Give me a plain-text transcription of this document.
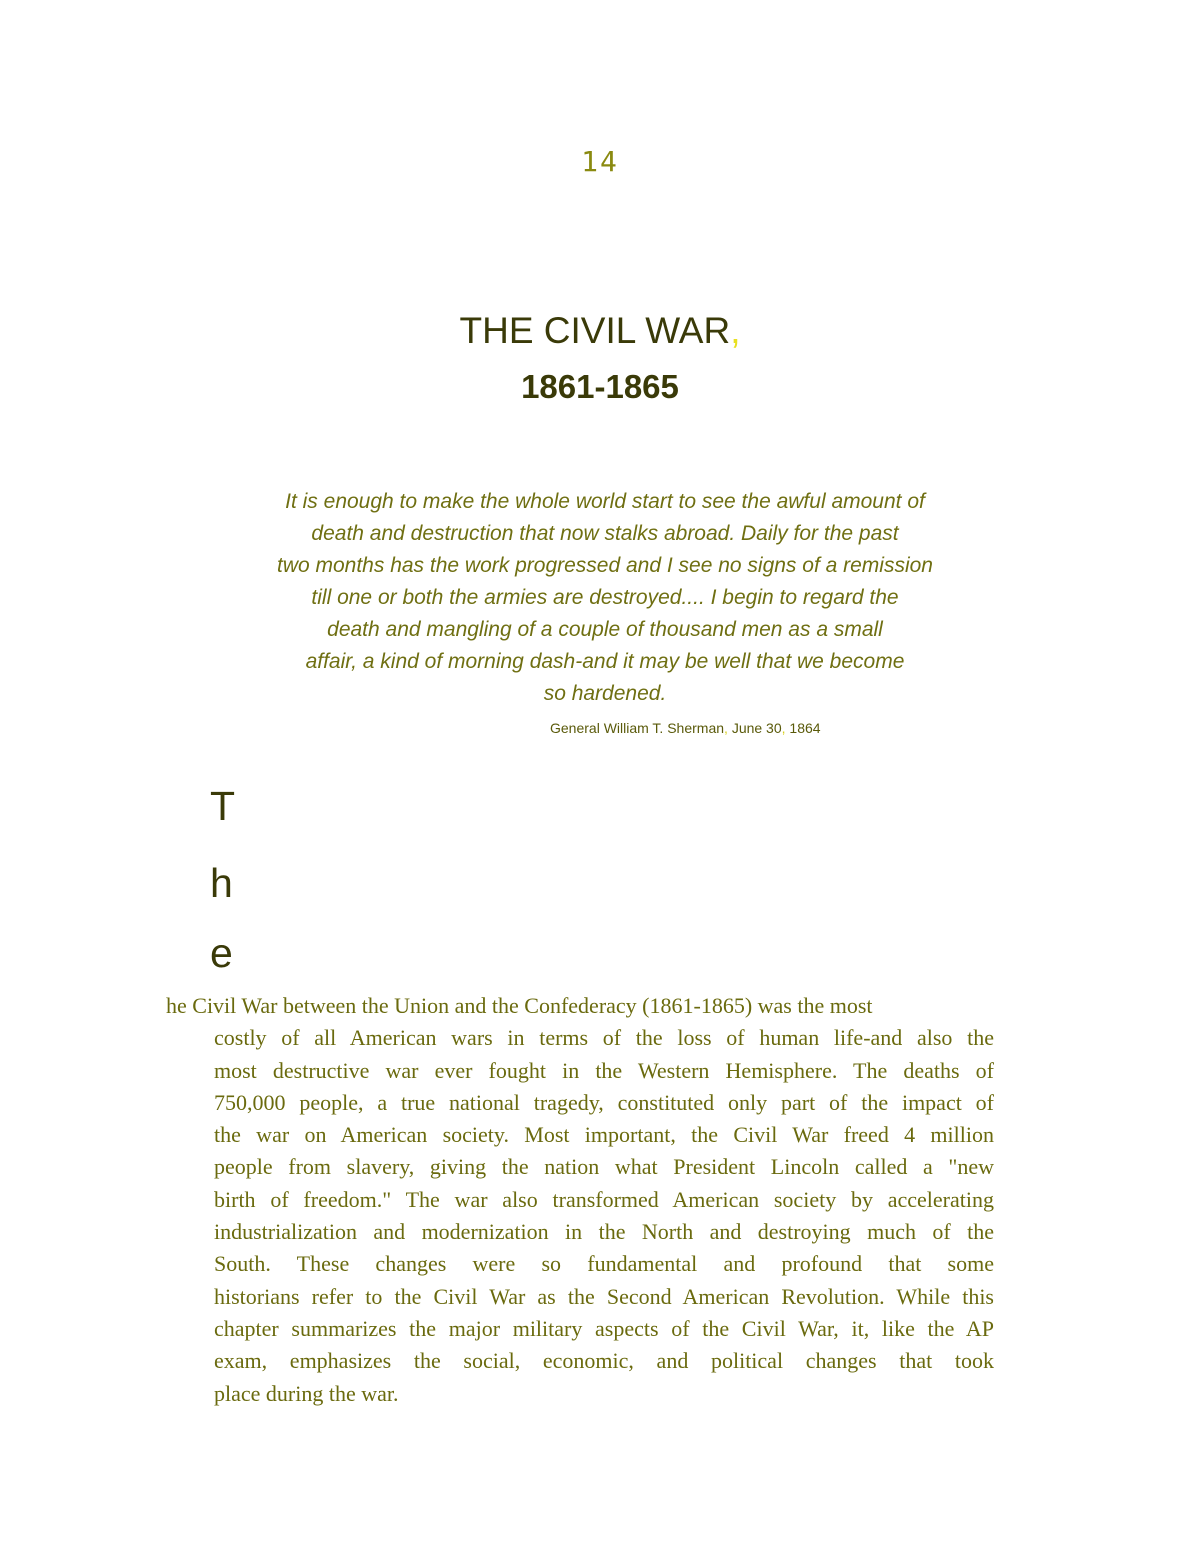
14
THE CIVIL WAR,
1861-1865
It is enough to make the whole world start to see the awful amount of
death and destruction that now stalks abroad. Daily for the past
two months has the work progressed and I see no signs of a remission
till one or both the armies are destroyed.... I begin to regard the
death and mangling of a couple of thousand men as a small
affair, a kind of morning dash-and it may be well that we become
so hardened.
General William T. Sherman, June 30, 1864
T
h
e
he Civil War between the Union and the Confederacy (1861-1865) was the most
costly of all American wars in terms of the loss of human life-and also the
most destructive war ever fought in the Western Hemisphere. The deaths of
750,000 people, a true national tragedy, constituted only part of the impact of
the war on American society. Most important, the Civil War freed 4 million
people from slavery, giving the nation what President Lincoln called a "new
birth of freedom." The war also transformed American society by accelerating
industrialization and modernization in the North and destroying much of the
South. These changes were so fundamental and profound that some
historians refer to the Civil War as the Second American Revolution. While this
chapter summarizes the major military aspects of the Civil War, it, like the AP
exam, emphasizes the social, economic, and political changes that took
place during the war.
